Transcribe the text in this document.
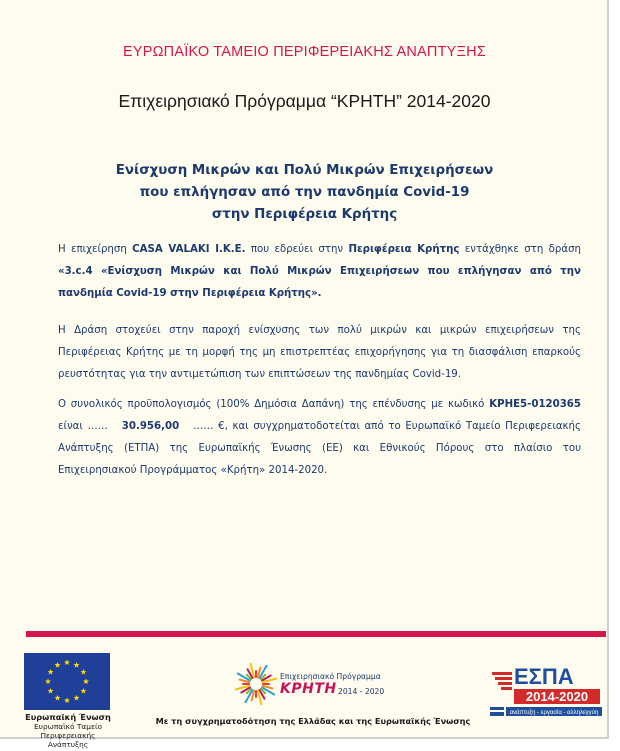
ΕΥΡΩΠΑΪΚΟ ΤΑΜΕΙΟ ΠΕΡΙΦΕΡΕΙΑΚΗΣ ΑΝΑΠΤΥΞΗΣ
Επιχειρησιακό Πρόγραμμα “ΚΡΗΤΗ” 2014-2020
Ενίσχυση Μικρών και Πολύ Μικρών Επιχειρήσεων
που επλήγησαν από την πανδημία Covid-19
στην Περιφέρεια Κρήτης

Η επιχείρηση CASA VALAKI I.K.E. που εδρεύει στην Περιφέρεια Κρήτης εντάχθηκε στη δράση «3.c.4 «Ενίσχυση Μικρών και Πολύ Μικρών Επιχειρήσεων που επλήγησαν από την πανδημία Covid-19 στην Περιφέρεια Κρήτης».

Η Δράση στοχεύει στην παροχή ενίσχυσης των πολύ μικρών και μικρών επιχειρήσεων της Περιφέρειας Κρήτης με τη μορφή της μη επιστρεπτέας επιχορήγησης για τη διασφάλιση επαρκούς ρευστότητας για την αντιμετώπιση των επιπτώσεων της πανδημίας Covid-19.

Ο συνολικός προϋπολογισμός (100% Δημόσια Δαπάνη) της επένδυσης με κωδικό ΚΡΗΕ5-0120365 είναι ……   30.956,00   …… €, και συγχρηματοδοτείται από το Ευρωπαϊκό Ταμείο Περιφερειακής Ανάπτυξης (ΕΤΠΑ) της Ευρωπαϊκής Ένωσης (ΕΕ) και Εθνικούς Πόρους στο πλαίσιο του Επιχειρησιακού Προγράμματος «Κρήτη» 2014-2020.

Ευρωπαϊκή Ένωση
Ευρωπαϊκό Ταμείο
Περιφερειακής Ανάπτυξης
Επιχειρησιακό Πρόγραμμα
ΚΡΗΤΗ 2014 - 2020
Με τη συγχρηματοδότηση της Ελλάδας και της Ευρωπαϊκής Ένωσης
ΕΣΠΑ
2014-2020
ανάπτυξη - εργασία - αλληλεγγύη
